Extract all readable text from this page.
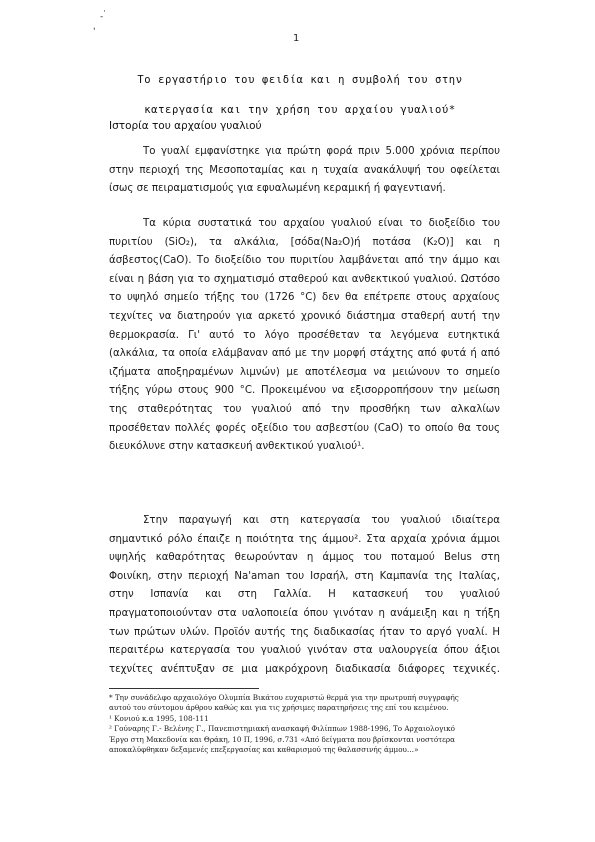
·
'
-
1

Το εργαστήριο του φειδία και η συμβολή του στην

κατεργασία και την χρήση του αρχαίου γυαλιού*

Ιστορία του αρχαίου γυαλιού

Το γυαλί εμφανίστηκε για πρώτη φορά πριν 5.000 χρόνια περίπου
στην περιοχή της Μεσοποταμίας και η τυχαία ανακάλυψή του οφείλεται
ίσως σε πειραματισμούς για εφυαλωμένη κεραμική ή φαγεντιανή.

Τα κύρια συστατικά του αρχαίου γυαλιού είναι το διοξείδιο του
πυριτίου (SiO₂), τα αλκάλια, [σόδα(Na₂O)ή ποτάσα (K₂O)] και η
άσβεστος(CaO). Το διοξείδιο του πυριτίου λαμβάνεται από την άμμο και
είναι η βάση για το σχηματισμό σταθερού και ανθεκτικού γυαλιού. Ωστόσο
το υψηλό σημείο τήξης του (1726 °C) δεν θα επέτρεπε στους αρχαίους
τεχνίτες να διατηρούν για αρκετό χρονικό διάστημα σταθερή αυτή την
θερμοκρασία. Γι' αυτό το λόγο προσέθεταν τα λεγόμενα ευτηκτικά
(αλκάλια, τα οποία ελάμβαναν από με την μορφή στάχτης από φυτά ή από
ιζήματα αποξηραμένων λιμνών) με αποτέλεσμα να μειώνουν το σημείο
τήξης γύρω στους 900 °C. Προκειμένου να εξισορροπήσουν την μείωση
της σταθερότητας του γυαλιού από την προσθήκη των αλκαλίων
προσέθεταν πολλές φορές οξείδιο του ασβεστίου (CaO) το οποίο θα τους
διευκόλυνε στην κατασκευή ανθεκτικού γυαλιού¹.

Στην παραγωγή και στη κατεργασία του γυαλιού ιδιαίτερα
σημαντικό ρόλο έπαιζε η ποιότητα της άμμου². Στα αρχαία χρόνια άμμοι
υψηλής καθαρότητας θεωρούνταν η άμμος του ποταμού Belus στη
Φοινίκη, στην περιοχή Na'aman του Ισραήλ, στη Καμπανία της Ιταλίας,
στην Ισπανία και στη Γαλλία. Η κατασκευή του γυαλιού
πραγματοποιούνταν στα υαλοποιεία όπου γινόταν η ανάμειξη και η τήξη
των πρώτων υλών. Προϊόν αυτής της διαδικασίας ήταν το αργό γυαλί. Η
περαιτέρω κατεργασία του γυαλιού γινόταν στα υαλουργεία όπου άξιοι
τεχνίτες ανέπτυξαν σε μια μακρόχρονη διαδικασία διάφορες τεχνικές.

* Την συνάδελφο αρχαιολόγο Ολυμπία Βικάτου ευχαριστώ θερμά για την πρωτρυπή συγγραφής
αυτού του σύντομου άρθρου καθώς και για τις χρήσιμες παρατηρήσεις της επί του κειμένου.
¹ Κονιού κ.α 1995, 108-111
² Γούναρης Γ.- Βελένης Γ., Πανεπιστημιακή ανασκαφή Φιλίππων 1988-1996, Το Αρχαιολογικό
Έργο στη Μακεδονία και Θράκη, 10 Π, 1996, σ.731 «Από δείγματα που βρίσκονται νοστότερα
αποκαλύφθηκαν δεξαμενές επεξεργασίας και καθαρισμού της θαλασσινής άμμου…»
